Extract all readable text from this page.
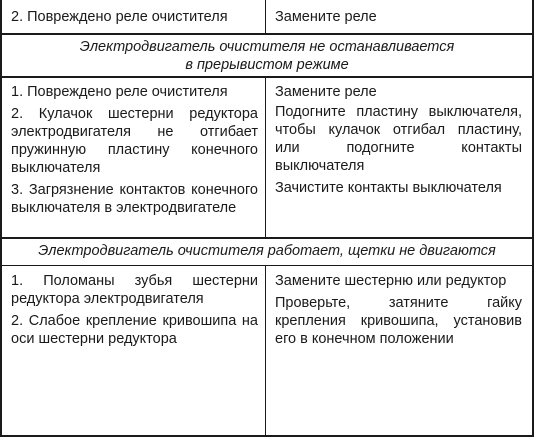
2. Повреждено реле очистителя	Замените реле

Электродвигатель очистителя не останавливается
в прерывистом режиме

1. Повреждено реле очистителя

2. Кулачок шестерни редуктора электродвигателя не отгибает пружинную пластину конечного выключателя

3. Загрязнение контактов конечного выключателя в электродвигателе

Замените реле

Подогните пластину выключателя, чтобы кулачок отгибал пластину, или подогните контакты выключателя

Зачистите контакты выключателя

Электродвигатель очистителя работает, щетки не двигаются

1. Поломаны зубья шестерни редуктора электродвигателя

2. Слабое крепление кривошипа на оси шестерни редуктора

Замените шестерню или редуктор

Проверьте, затяните гайку крепления кривошипа, установив его в конечном положении
